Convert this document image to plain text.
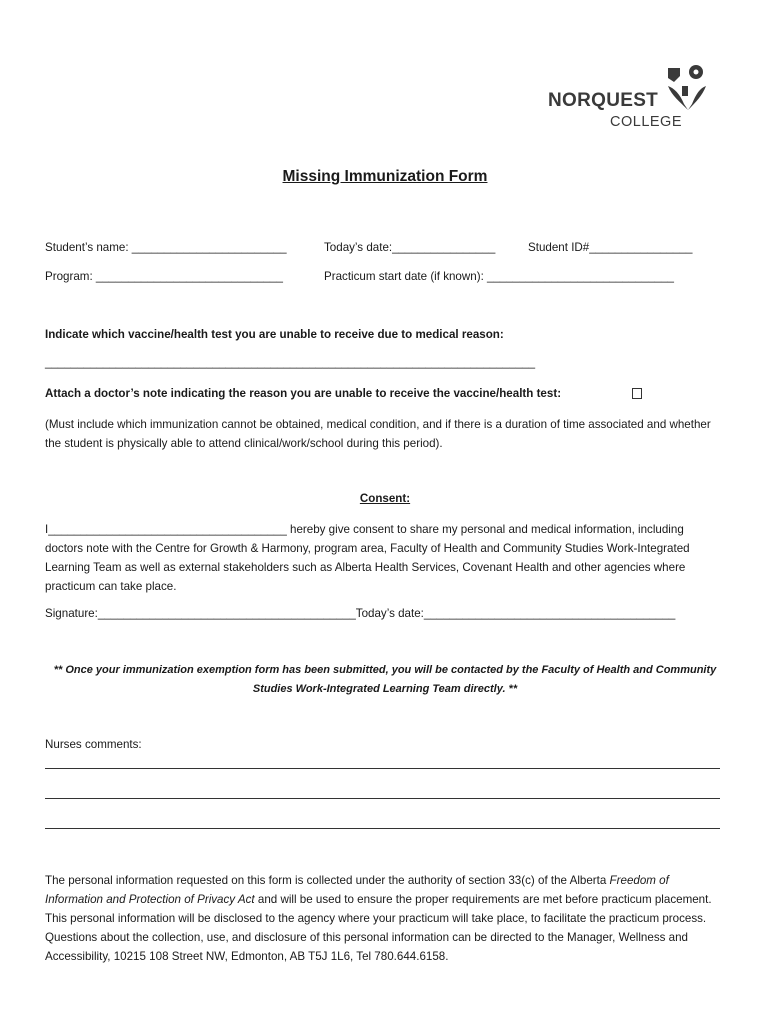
NORQUEST
COLLEGE
Missing Immunization Form
Student’s name: ________________________	Today’s date:________________	Student ID#________________
Program: _____________________________	Practicum start date (if known): _____________________________
Indicate which vaccine/health test you are unable to receive due to medical reason:
____________________________________________________________________________
Attach a doctor’s note indicating the reason you are unable to receive the vaccine/health test:
(Must include which immunization cannot be obtained, medical condition, and if there is a duration of time associated and whether the student is physically able to attend clinical/work/school during this period).
Consent:
I_____________________________________ hereby give consent to share my personal and medical information, including doctors note with the Centre for Growth & Harmony, program area, Faculty of Health and Community Studies Work-Integrated Learning Team as well as external stakeholders such as Alberta Health Services, Covenant Health and other agencies where practicum can take place.
Signature:________________________________________Today’s date:_______________________________________
** Once your immunization exemption form has been submitted, you will be contacted by the Faculty of Health and Community Studies Work-Integrated Learning Team directly. **
Nurses comments:
The personal information requested on this form is collected under the authority of section 33(c) of the Alberta Freedom of Information and Protection of Privacy Act and will be used to ensure the proper requirements are met before practicum placement. This personal information will be disclosed to the agency where your practicum will take place, to facilitate the practicum process. Questions about the collection, use, and disclosure of this personal information can be directed to the Manager, Wellness and Accessibility, 10215 108 Street NW, Edmonton, AB T5J 1L6, Tel 780.644.6158.
